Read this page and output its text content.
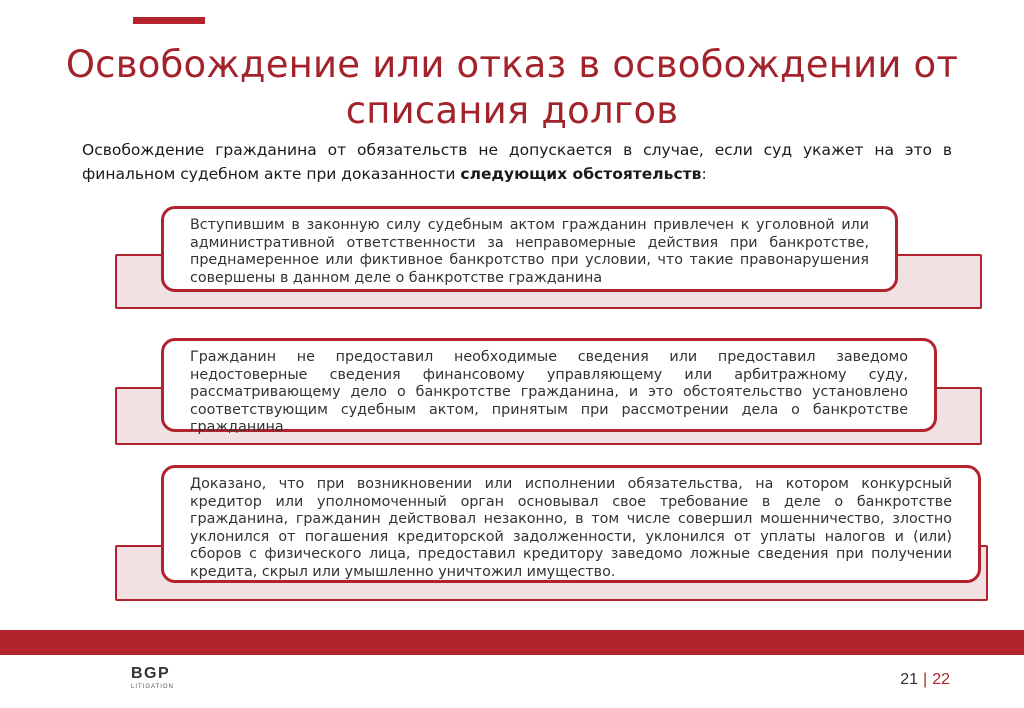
Освобождение или отказ в освобождении от
списания долгов
Освобождение гражданина от обязательств не допускается в случае, если суд укажет на это в финальном судебном акте при доказанности следующих обстоятельств:
Вступившим в законную силу судебным актом гражданин привлечен к уголовной или административной ответственности за неправомерные действия при банкротстве, преднамеренное или фиктивное банкротство при условии, что такие правонарушения совершены в данном деле о банкротстве гражданина
Гражданин не предоставил необходимые сведения или предоставил заведомо недостоверные сведения финансовому управляющему или арбитражному суду, рассматривающему дело о банкротстве гражданина, и это обстоятельство установлено соответствующим судебным актом, принятым при рассмотрении дела о банкротстве гражданина
Доказано, что при возникновении или исполнении обязательства, на котором конкурсный кредитор или уполномоченный орган основывал свое требование в деле о банкротстве гражданина, гражданин действовал незаконно, в том числе совершил мошенничество, злостно уклонился от погашения кредиторской задолженности, уклонился от уплаты налогов и (или) сборов с физического лица, предоставил кредитору заведомо ложные сведения при получении кредита, скрыл или умышленно уничтожил имущество.
BGP
LITIGATION	21 | 22
